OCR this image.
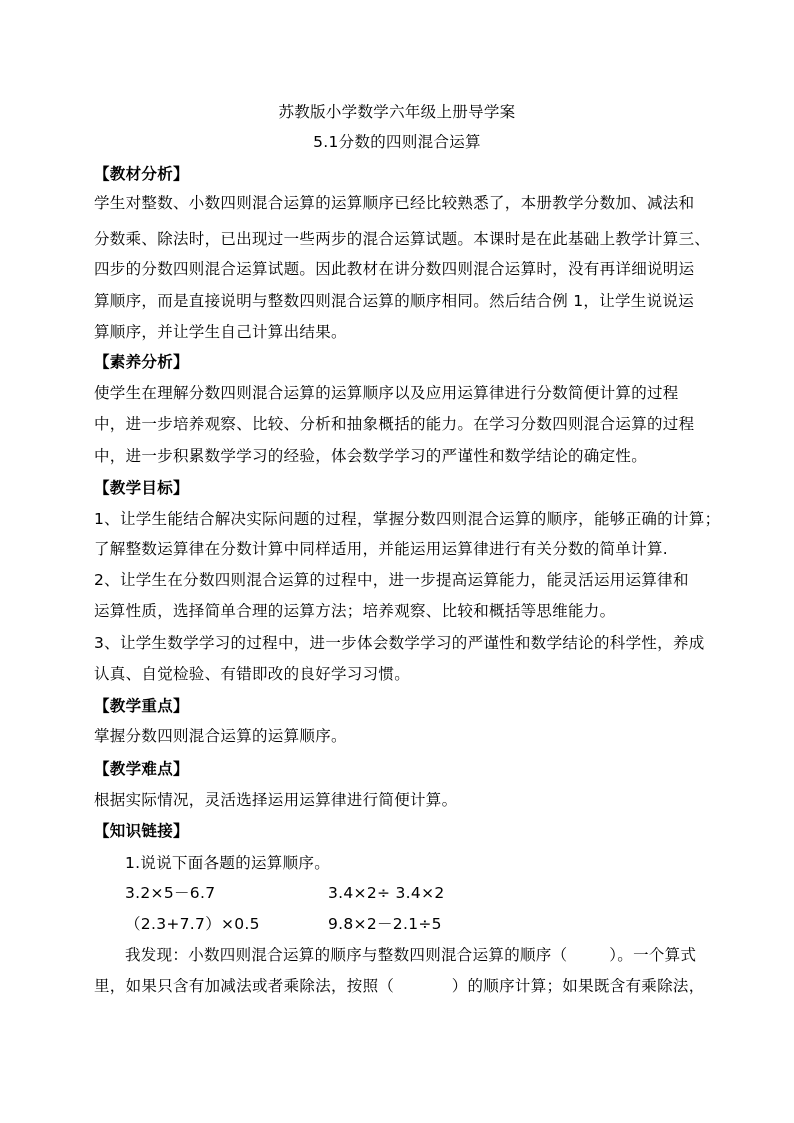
苏教版小学数学六年级上册导学案
5.1分数的四则混合运算
【教材分析】
学生对整数、小数四则混合运算的运算顺序已经比较熟悉了，本册教学分数加、减法和
分数乘、除法时，已出现过一些两步的混合运算试题。本课时是在此基础上教学计算三、
四步的分数四则混合运算试题。因此教材在讲分数四则混合运算时，没有再详细说明运
算顺序，而是直接说明与整数四则混合运算的顺序相同。然后结合例 1，让学生说说运
算顺序，并让学生自己计算出结果。
【素养分析】
使学生在理解分数四则混合运算的运算顺序以及应用运算律进行分数简便计算的过程
中，进一步培养观察、比较、分析和抽象概括的能力。在学习分数四则混合运算的过程
中，进一步积累数学学习的经验，体会数学学习的严谨性和数学结论的确定性。
【教学目标】
1、让学生能结合解决实际问题的过程，掌握分数四则混合运算的顺序，能够正确的计算；
了解整数运算律在分数计算中同样适用，并能运用运算律进行有关分数的简单计算.
2、让学生在分数四则混合运算的过程中，进一步提高运算能力，能灵活运用运算律和
运算性质，选择简单合理的运算方法；培养观察、比较和概括等思维能力。
3、让学生数学学习的过程中，进一步体会数学学习的严谨性和数学结论的科学性，养成
认真、自觉检验、有错即改的良好学习习惯。
【教学重点】
掌握分数四则混合运算的运算顺序。
【教学难点】
根据实际情况，灵活选择运用运算律进行简便计算。
【知识链接】
1.说说下面各题的运算顺序。
3.2×5－6.7	3.4×2÷ 3.4×2
（2.3+7.7）×0.5	9.8×2－2.1÷5
我发现：小数四则混合运算的顺序与整数四则混合运算的顺序（        ）。一个算式
里，如果只含有加减法或者乘除法，按照（           ）的顺序计算；如果既含有乘除法，
